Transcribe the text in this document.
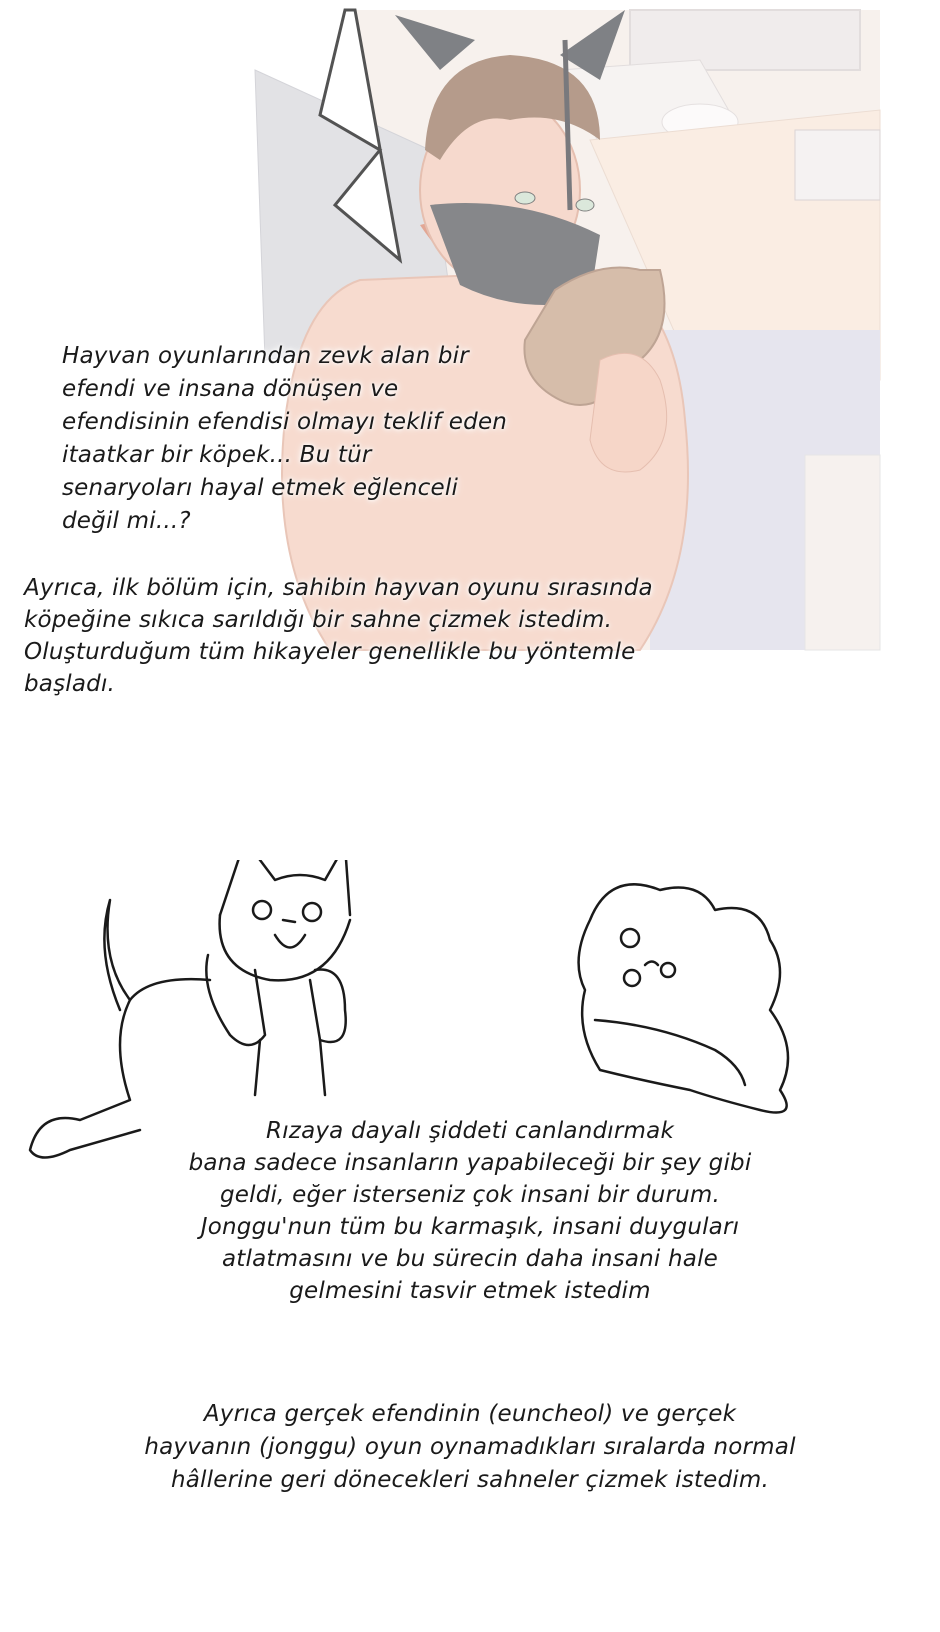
Hayvan oyunlarından zevk alan bir
efendi ve insana dönüşen ve
efendisinin efendisi olmayı teklif eden
itaatkar bir köpek... Bu tür
senaryoları hayal etmek eğlenceli
değil mi...?
Ayrıca, ilk bölüm için, sahibin hayvan oyunu sırasında
köpeğine sıkıca sarıldığı bir sahne çizmek istedim.
Oluşturduğum tüm hikayeler genellikle bu yöntemle
başladı.
Rızaya dayalı şiddeti canlandırmak
bana sadece insanların yapabileceği bir şey gibi
geldi, eğer isterseniz çok insani bir durum.
Jonggu'nun tüm bu karmaşık, insani duyguları
atlatmasını ve bu sürecin daha insani hale
gelmesini tasvir etmek istedim
Ayrıca gerçek efendinin (euncheol) ve gerçek
hayvanın (jonggu) oyun oynamadıkları sıralarda normal
hâllerine geri dönecekleri sahneler çizmek istedim.
